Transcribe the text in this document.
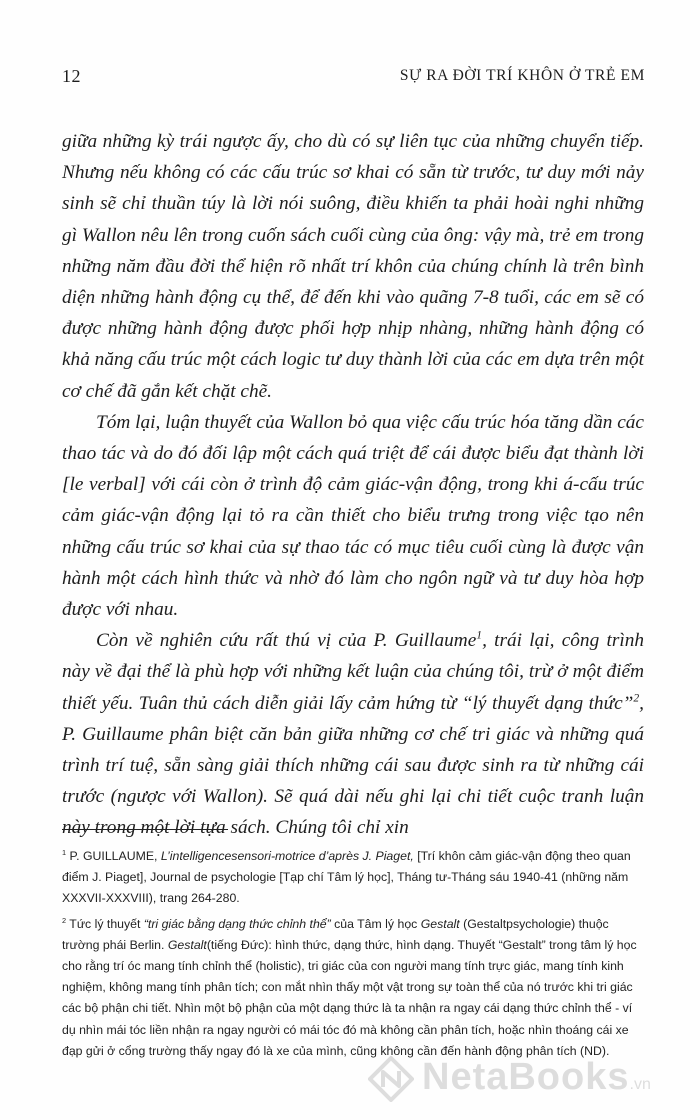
12	SỰ RA ĐỜI TRÍ KHÔN Ở TRẺ EM

giữa những kỳ trái ngược ấy, cho dù có sự liên tục của những chuyển tiếp. Nhưng nếu không có các cấu trúc sơ khai có sẵn từ trước, tư duy mới nảy sinh sẽ chỉ thuần túy là lời nói suông, điều khiến ta phải hoài nghi những gì Wallon nêu lên trong cuốn sách cuối cùng của ông: vậy mà, trẻ em trong những năm đầu đời thể hiện rõ nhất trí khôn của chúng chính là trên bình diện những hành động cụ thể, để đến khi vào quãng 7-8 tuổi, các em sẽ có được những hành động được phối hợp nhịp nhàng, những hành động có khả năng cấu trúc một cách logic tư duy thành lời của các em dựa trên một cơ chế đã gắn kết chặt chẽ.

Tóm lại, luận thuyết của Wallon bỏ qua việc cấu trúc hóa tăng dần các thao tác và do đó đối lập một cách quá triệt để cái được biểu đạt thành lời [le verbal] với cái còn ở trình độ cảm giác-vận động, trong khi á-cấu trúc cảm giác-vận động lại tỏ ra cần thiết cho biểu trưng trong việc tạo nên những cấu trúc sơ khai của sự thao tác có mục tiêu cuối cùng là được vận hành một cách hình thức và nhờ đó làm cho ngôn ngữ và tư duy hòa hợp được với nhau.

Còn về nghiên cứu rất thú vị của P. Guillaume$^1$, trái lại, công trình này về đại thể là phù hợp với những kết luận của chúng tôi, trừ ở một điểm thiết yếu. Tuân thủ cách diễn giải lấy cảm hứng từ “lý thuyết dạng thức”$^2$, P. Guillaume phân biệt căn bản giữa những cơ chế tri giác và những quá trình trí tuệ, sẵn sàng giải thích những cái sau được sinh ra từ những cái trước (ngược với Wallon). Sẽ quá dài nếu ghi lại chi tiết cuộc tranh luận này trong một lời tựa sách. Chúng tôi chỉ xin

$^1$ P. GUILLAUME, L’intelligencesensori-motrice d’après J. Piaget, [Trí khôn cảm giác-vận động theo quan điểm J. Piaget], Journal de psychologie [Tạp chí Tâm lý học], Tháng tư-Tháng sáu 1940-41 (những năm XXXVII-XXXVIII), trang 264-280.

$^2$ Tức lý thuyết “tri giác bằng dạng thức chỉnh thể” của Tâm lý học Gestalt (Gestaltpsychologie) thuộc trường phái Berlin. Gestalt(tiếng Đức): hình thức, dạng thức, hình dạng. Thuyết “Gestalt” trong tâm lý học cho rằng trí óc mang tính chỉnh thể (holistic), tri giác của con người mang tính trực giác, mang tính kinh nghiệm, không mang tính phân tích; con mắt nhìn thấy một vật trong sự toàn thể của nó trước khi tri giác các bộ phận chi tiết. Nhìn một bộ phận của một dạng thức là ta nhận ra ngay cái dạng thức chỉnh thể - ví dụ nhìn mái tóc liền nhận ra ngay người có mái tóc đó mà không cần phân tích, hoặc nhìn thoáng cái xe đạp gửi ở cổng trường thấy ngay đó là xe của mình, cũng không cần đến hành động phân tích (ND).

NetaBooks.vn
